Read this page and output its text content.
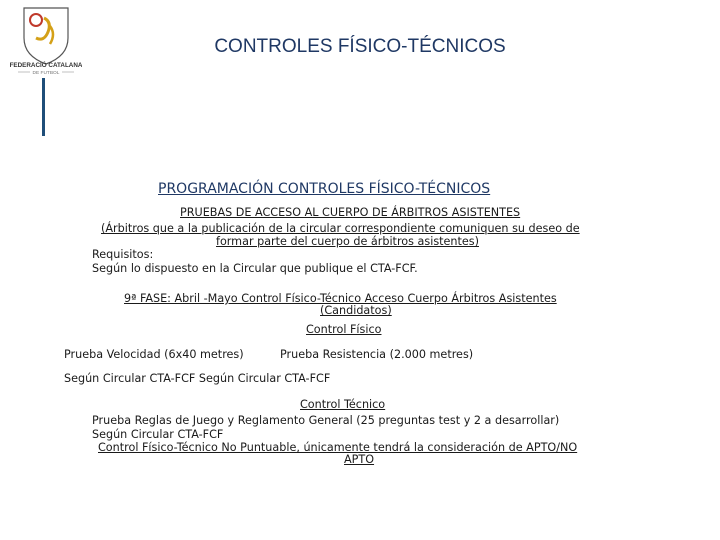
FEDERACIÓ CATALANA
DE FUTBOL
CONTROLES FÍSICO-TÉCNICOS
PROGRAMACIÓN CONTROLES FÍSICO-TÉCNICOS
PRUEBAS DE ACCESO AL CUERPO DE ÁRBITROS ASISTENTES
(Árbitros que a la publicación de la circular correspondiente comuniquen su deseo de
formar parte del cuerpo de árbitros asistentes)
Requisitos:
Según lo dispuesto en la Circular que publique el CTA-FCF.
9ª FASE: Abril -Mayo Control Físico-Técnico Acceso Cuerpo Árbitros Asistentes
(Candidatos)
Control Físico
Prueba Velocidad (6x40 metres)	Prueba Resistencia (2.000 metres)
Según Circular CTA-FCF Según Circular CTA-FCF
Control Técnico
Prueba Reglas de Juego y Reglamento General (25 preguntas test y 2 a desarrollar)
Según Circular CTA-FCF
Control Físico-Técnico No Puntuable, únicamente tendrá la consideración de APTO/NO
APTO
